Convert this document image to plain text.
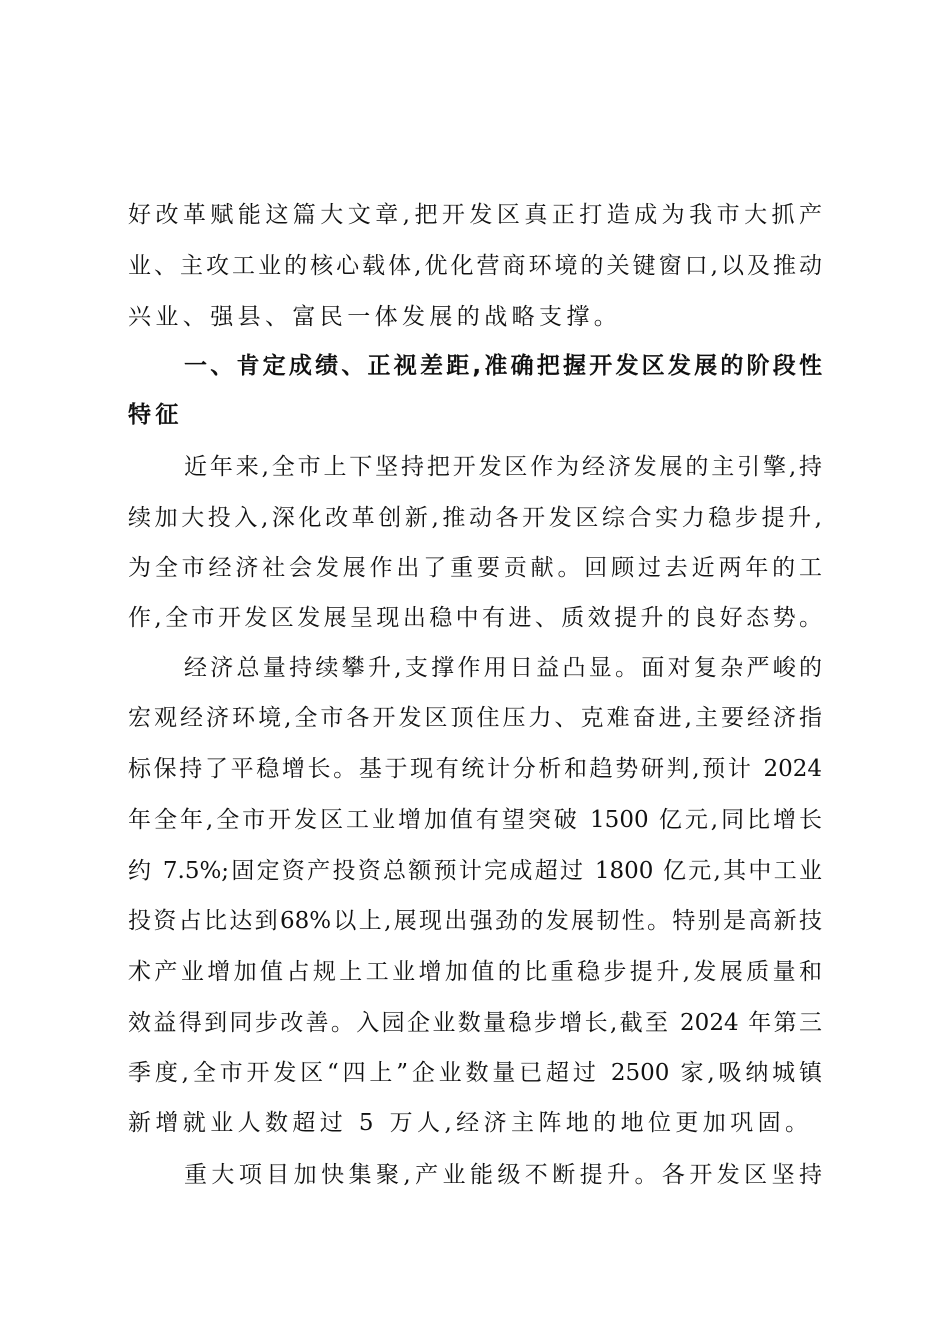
好改革赋能这篇大文章,把开发区真正打造成为我市大抓产
业、主攻工业的核心载体,优化营商环境的关键窗口,以及推动
兴业、强县、富民一体发展的战略支撑。
一、肯定成绩、正视差距,准确把握开发区发展的阶段性
特征
近年来,全市上下坚持把开发区作为经济发展的主引擎,持
续加大投入,深化改革创新,推动各开发区综合实力稳步提升,
为全市经济社会发展作出了重要贡献。回顾过去近两年的工
作,全市开发区发展呈现出稳中有进、质效提升的良好态势。
经济总量持续攀升,支撑作用日益凸显。面对复杂严峻的
宏观经济环境,全市各开发区顶住压力、克难奋进,主要经济指
标保持了平稳增长。基于现有统计分析和趋势研判,预计 2024
年全年,全市开发区工业增加值有望突破 1500 亿元,同比增长
约 7.5%;固定资产投资总额预计完成超过 1800 亿元,其中工业
投资占比达到68%以上,展现出强劲的发展韧性。特别是高新技
术产业增加值占规上工业增加值的比重稳步提升,发展质量和
效益得到同步改善。入园企业数量稳步增长,截至 2024 年第三
季度,全市开发区“四上”企业数量已超过 2500 家,吸纳城镇
新增就业人数超过 5 万人,经济主阵地的地位更加巩固。
重大项目加快集聚,产业能级不断提升。各开发区坚持
